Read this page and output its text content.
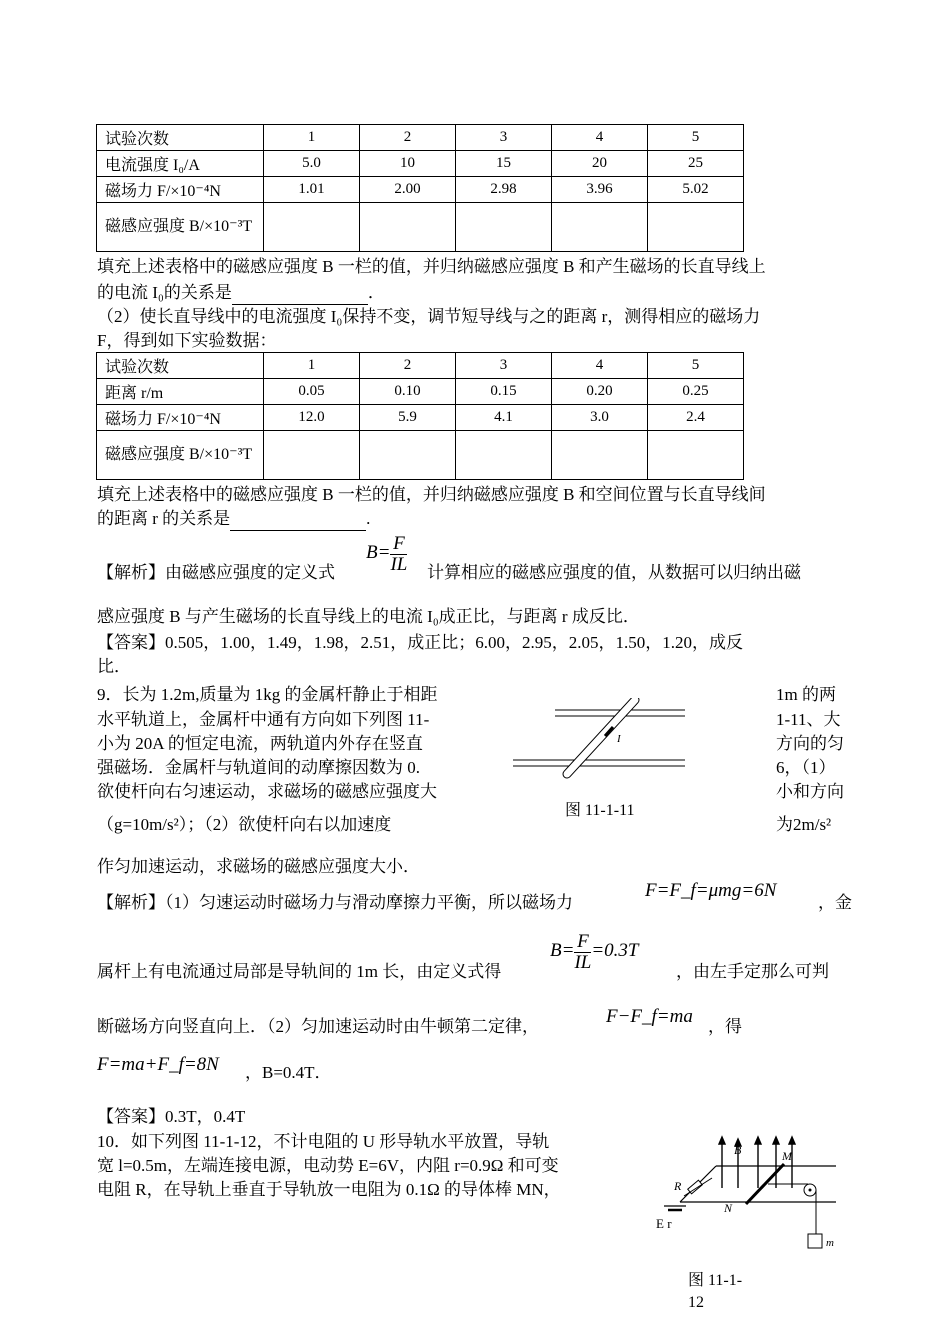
试验次数	1	2	3	4	5
电流强度 I₀/A	5.0	10	15	20	25
磁场力 F/×10⁻⁴N	1.01	2.00	2.98	3.96	5.02
磁感应强度 B/×10⁻³T					
填充上述表格中的磁感应强度 B 一栏的值，并归纳磁感应强度 B 和产生磁场的长直导线上
的电流 I₀的关系是	．
（2）使长直导线中的电流强度 I₀保持不变，调节短导线与之的距离 r，测得相应的磁场力
F，得到如下实验数据：
试验次数	1	2	3	4	5
距离 r/m	0.05	0.10	0.15	0.20	0.25
磁场力 F/×10⁻⁴N	12.0	5.9	4.1	3.0	2.4
磁感应强度 B/×10⁻³T					
填充上述表格中的磁感应强度 B 一栏的值，并归纳磁感应强度 B 和空间位置与长直导线间
的距离 r 的关系是	.
【解析】由磁感应强度的定义式
$B= \frac{F}{IL}$ 计算相应的磁感应强度的值，从数据可以归纳出磁
感应强度 B 与产生磁场的长直导线上的电流 I₀成正比，与距离 r 成反比．
【答案】0.505，1.00，1.49，1.98，2.51，成正比；6.00，2.95，2.05，1.50，1.20，成反
比．
9．长为 1.2m,质量为 1kg 的金属杆静止于相距	1m 的两
水平轨道上，金属杆中通有方向如下列图 11-	1-11、大
小为 20A 的恒定电流，两轨道内外存在竖直	方向的匀
强磁场．金属杆与轨道间的动摩擦因数为 0.	6，（1）
欲使杆向右匀速运动，求磁场的磁感应强度大	小和方向
（g=10m/s²）；（2）欲使杆向右以加速度	为2m/s²
作匀加速运动，求磁场的磁感应强度大小．
I
图 11-1-11
【解析】（1）匀速运动时磁场力与滑动摩擦力平衡，所以磁场力
F=F_f=μmg=6N
，金
属杆上有电流通过局部是导轨间的 1m 长，由定义式得
$B= \frac{F}{IL} =0.3T$
，由左手定那么可判
断磁场方向竖直向上．（2）匀加速运动时由牛顿第二定律，	F−F_f=ma ，得
F=ma+F_f=8N ，B=0.4T．
【答案】0.3T，0.4T
10．如下列图 11-1-12，不计电阻的 U 形导轨水平放置，导轨
宽 l=0.5m，左端连接电源，电动势 E=6V，内阻 r=0.9Ω 和可变
电阻 R，在导轨上垂直于导轨放一电阻为 0.1Ω 的导体棒 MN，
B
R
E r
M
N
m
图 11-1-
12
